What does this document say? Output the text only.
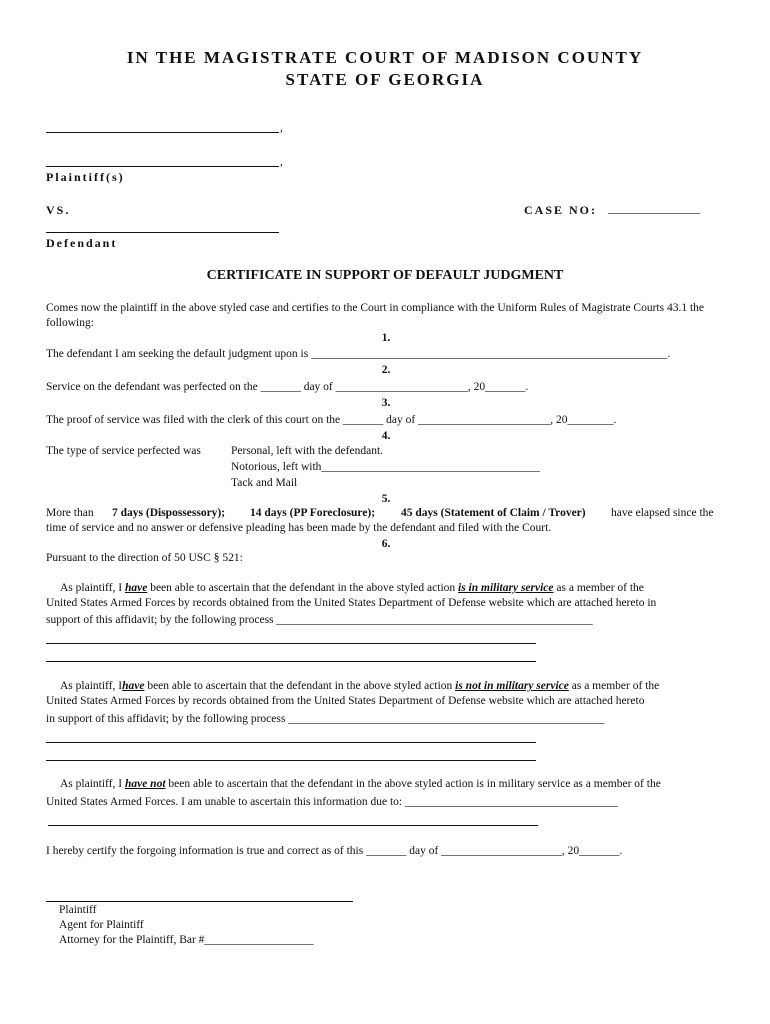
IN THE MAGISTRATE COURT OF MADISON COUNTY
STATE OF GEORGIA
,
,
Plaintiff(s)
VS.	CASE NO: ________________
Defendant
CERTIFICATE IN SUPPORT OF DEFAULT JUDGMENT
Comes now the plaintiff in the above styled case and certifies to the Court in compliance with the Uniform Rules of Magistrate Courts 43.1 the following:
1.
The defendant I am seeking the default judgment upon is ______________________________________________________________.
2.
Service on the defendant was perfected on the _______ day of _______________________, 20_______.
3.
The proof of service was filed with the clerk of this court on the _______ day of _______________________, 20________.
4.
The type of service perfected was	Personal, left with the defendant.
Notorious, left with______________________________________
Tack and Mail
5.
More than 7 days (Dispossessory); 14 days (PP Foreclosure); 45 days (Statement of Claim / Trover) have elapsed since the
time of service and no answer or defensive pleading has been made by the defendant and filed with the Court.
6.
Pursuant to the direction of 50 USC § 521:
As plaintiff, I have been able to ascertain that the defendant in the above styled action is in military service as a member of the
United States Armed Forces by records obtained from the United States Department of Defense website which are attached hereto in
support of this affidavit; by the following process _______________________________________________________
As plaintiff, Ihave been able to ascertain that the defendant in the above styled action is not in military service as a member of the
United States Armed Forces by records obtained from the United States Department of Defense website which are attached hereto
in support of this affidavit; by the following process _______________________________________________________
As plaintiff, I have not been able to ascertain that the defendant in the above styled action is in military service as a member of the
United States Armed Forces. I am unable to ascertain this information due to: _____________________________________
I hereby certify the forgoing information is true and correct as of this _______ day of _____________________, 20_______.
Plaintiff
Agent for Plaintiff
Attorney for the Plaintiff, Bar #___________________
